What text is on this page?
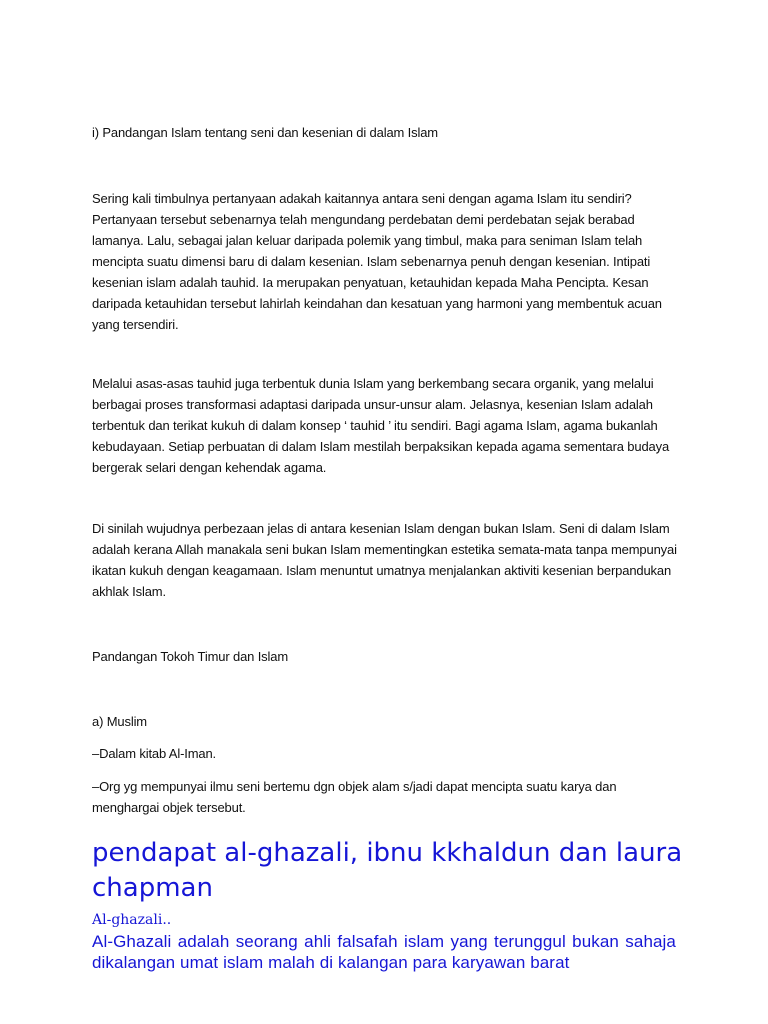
i) Pandangan Islam tentang seni dan kesenian di dalam Islam

Sering kali timbulnya pertanyaan adakah kaitannya antara seni dengan agama Islam itu sendiri? Pertanyaan tersebut sebenarnya telah mengundang perdebatan demi perdebatan sejak berabad lamanya. Lalu, sebagai jalan keluar daripada polemik yang timbul, maka para seniman Islam telah mencipta suatu dimensi baru di dalam kesenian. Islam sebenarnya penuh dengan kesenian. Intipati kesenian islam adalah tauhid. Ia merupakan penyatuan, ketauhidan kepada Maha Pencipta. Kesan daripada ketauhidan tersebut lahirlah keindahan dan kesatuan yang harmoni yang membentuk acuan yang tersendiri.

Melalui asas-asas tauhid juga terbentuk dunia Islam yang berkembang secara organik, yang melalui berbagai proses transformasi adaptasi daripada unsur-unsur alam. Jelasnya, kesenian Islam adalah terbentuk dan terikat kukuh di dalam konsep ‘ tauhid ’ itu sendiri. Bagi agama Islam, agama bukanlah kebudayaan. Setiap perbuatan di dalam Islam mestilah berpaksikan kepada agama sementara budaya bergerak selari dengan kehendak agama.

Di sinilah wujudnya perbezaan jelas di antara kesenian Islam dengan bukan Islam. Seni di dalam Islam adalah kerana Allah manakala seni bukan Islam mementingkan estetika semata-mata tanpa mempunyai ikatan kukuh dengan keagamaan. Islam menuntut umatnya menjalankan aktiviti kesenian berpandukan akhlak Islam.

Pandangan Tokoh Timur dan Islam

a) Muslim

–Dalam kitab Al-Iman.

–Org yg mempunyai ilmu seni bertemu dgn objek alam s/jadi dapat mencipta suatu karya dan menghargai objek tersebut.

pendapat al-ghazali, ibnu kkhaldun dan laura chapman

Al-ghazali..

Al-Ghazali adalah seorang ahli falsafah islam yang terunggul bukan sahaja dikalangan umat islam malah di kalangan para karyawan barat
